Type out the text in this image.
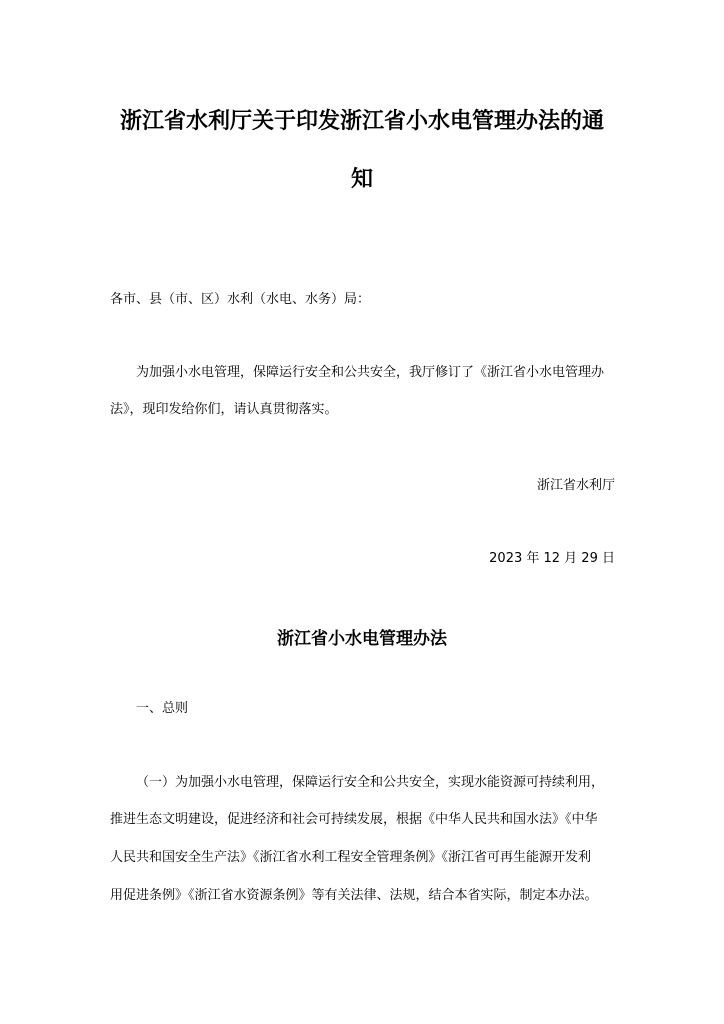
浙江省水利厅关于印发浙江省小水电管理办法的通
知
各市、县（市、区）水利（水电、水务）局：
为加强小水电管理，保障运行安全和公共安全，我厅修订了《浙江省小水电管理办
法》，现印发给你们，请认真贯彻落实。
浙江省水利厅
2023 年 12 月 29 日
浙江省小水电管理办法
一、总则
（一）为加强小水电管理，保障运行安全和公共安全，实现水能资源可持续利用，
推进生态文明建设，促进经济和社会可持续发展，根据《中华人民共和国水法》《中华
人民共和国安全生产法》《浙江省水利工程安全管理条例》《浙江省可再生能源开发利
用促进条例》《浙江省水资源条例》等有关法律、法规，结合本省实际，制定本办法。
